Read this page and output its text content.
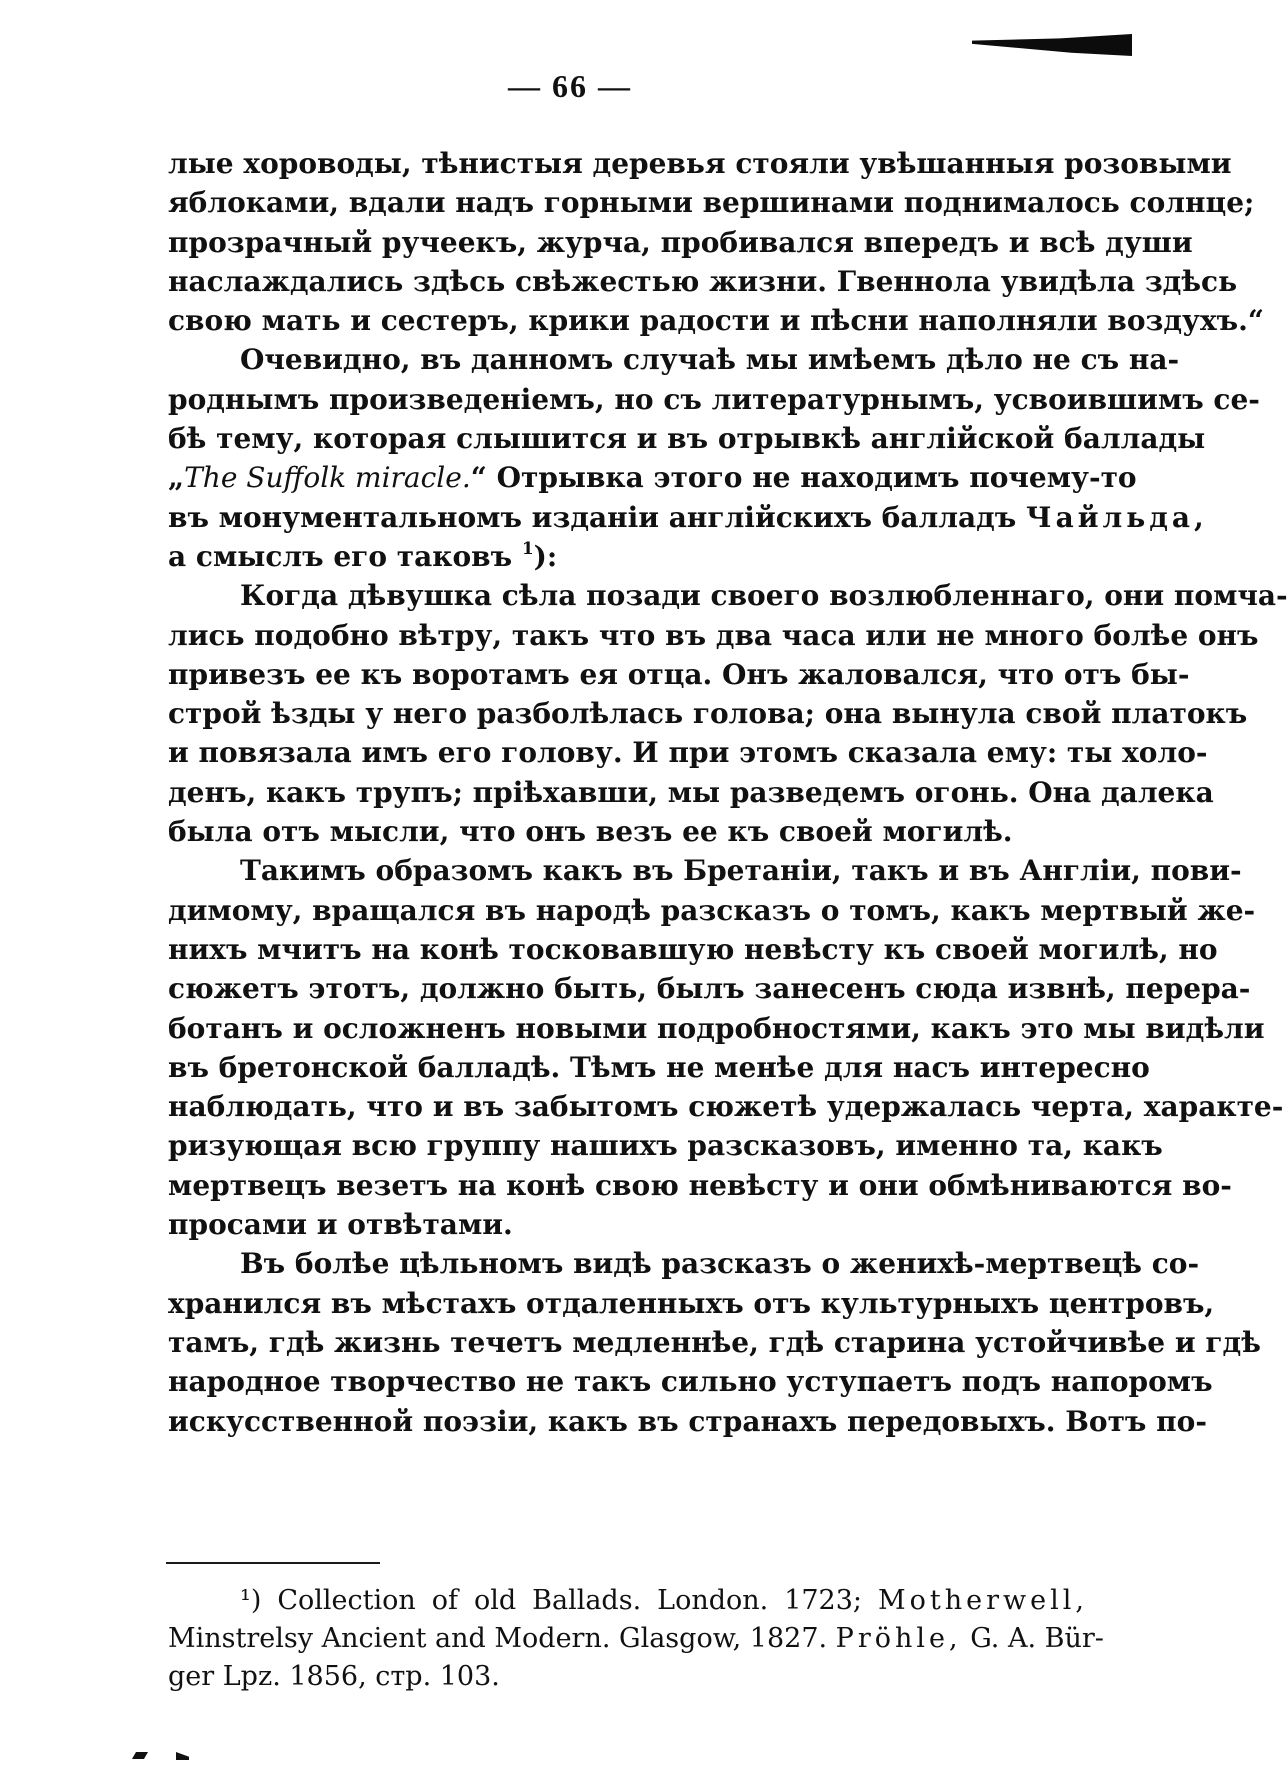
— 66 —
лые хороводы, тѣнистыя деревья стояли увѣшанныя розовыми
яблоками, вдали надъ горными вершинами поднималось солнце;
прозрачный ручеекъ, журча, пробивался впередъ и всѣ души
наслаждались здѣсь свѣжестью жизни. Гвеннола увидѣла здѣсь
свою мать и сестеръ, крики радости и пѣсни наполняли воздухъ.“
Очевидно, въ данномъ случаѣ мы имѣемъ дѣло не съ на-
роднымъ произведеніемъ, но съ литературнымъ, усвоившимъ се-
бѣ тему, которая слышится и въ отрывкѣ англійской баллады
„The Suffolk miracle.“ Отрывка этого не находимъ почему-то
въ монументальномъ изданіи англійскихъ балладъ Чайльда,
а смыслъ его таковъ $^1$):
Когда дѣвушка сѣла позади своего возлюбленнаго, они помча-
лись подобно вѣтру, такъ что въ два часа или не много болѣе онъ
привезъ ее къ воротамъ ея отца. Онъ жаловался, что отъ бы-
строй ѣзды у него разболѣлась голова; она вынула свой платокъ
и повязала имъ его голову. И при этомъ сказала ему: ты холо-
денъ, какъ трупъ; пріѣхавши, мы разведемъ огонь. Она далека
была отъ мысли, что онъ везъ ее къ своей могилѣ.
Такимъ образомъ какъ въ Бретаніи, такъ и въ Англіи, пови-
димому, вращался въ народѣ разсказъ о томъ, какъ мертвый же-
нихъ мчитъ на конѣ тосковавшую невѣсту къ своей могилѣ, но
сюжетъ этотъ, должно быть, былъ занесенъ сюда извнѣ, перера-
ботанъ и осложненъ новыми подробностями, какъ это мы видѣли
въ бретонской балладѣ. Тѣмъ не менѣе для насъ интересно
наблюдать, что и въ забытомъ сюжетѣ удержалась черта, характе-
ризующая всю группу нашихъ разсказовъ, именно та, какъ
мертвецъ везетъ на конѣ свою невѣсту и они обмѣниваются во-
просами и отвѣтами.
Въ болѣе цѣльномъ видѣ разсказъ о женихѣ-мертвецѣ со-
хранился въ мѣстахъ отдаленныхъ отъ культурныхъ центровъ,
тамъ, гдѣ жизнь течетъ медленнѣе, гдѣ старина устойчивѣе и гдѣ
народное творчество не такъ сильно уступаетъ подъ напоромъ
искусственной поэзіи, какъ въ странахъ передовыхъ. Вотъ по-
¹) Collection of old Ballads. London. 1723; Motherwell,
Minstrelsy Ancient and Modern. Glasgow, 1827. Pröhle, G. A. Bür-
ger Lpz. 1856, стр. 103.
